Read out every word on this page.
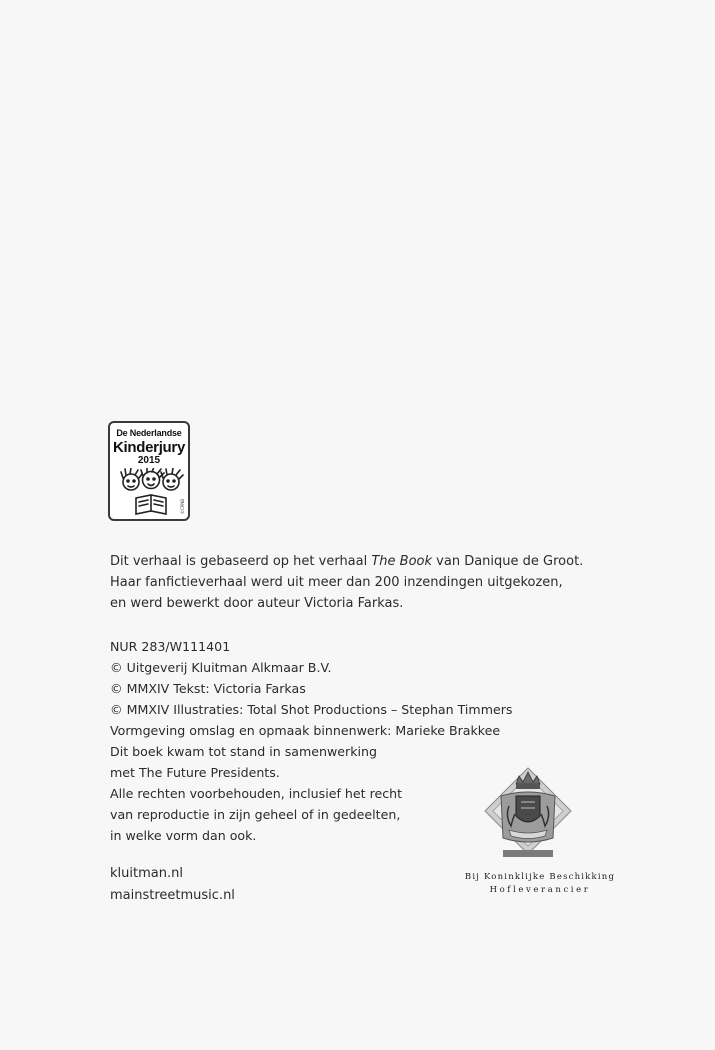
De Nederlandse
Kinderjury
2015
©CPNB

Dit verhaal is gebaseerd op het verhaal The Book van Danique de Groot.

Haar fanfictieverhaal werd uit meer dan 200 inzendingen uitgekozen,

en werd bewerkt door auteur Victoria Farkas.

NUR 283/W111401

© Uitgeverij Kluitman Alkmaar B.V.

© MMXIV Tekst: Victoria Farkas

© MMXIV Illustraties: Total Shot Productions – Stephan Timmers

Vormgeving omslag en opmaak binnenwerk: Marieke Brakkee

Dit boek kwam tot stand in samenwerking

met The Future Presidents.

Alle rechten voorbehouden, inclusief het recht

van reproductie in zijn geheel of in gedeelten,

in welke vorm dan ook.

kluitman.nl

mainstreetmusic.nl

Bij Koninklijke Beschikking
Hofleverancier
